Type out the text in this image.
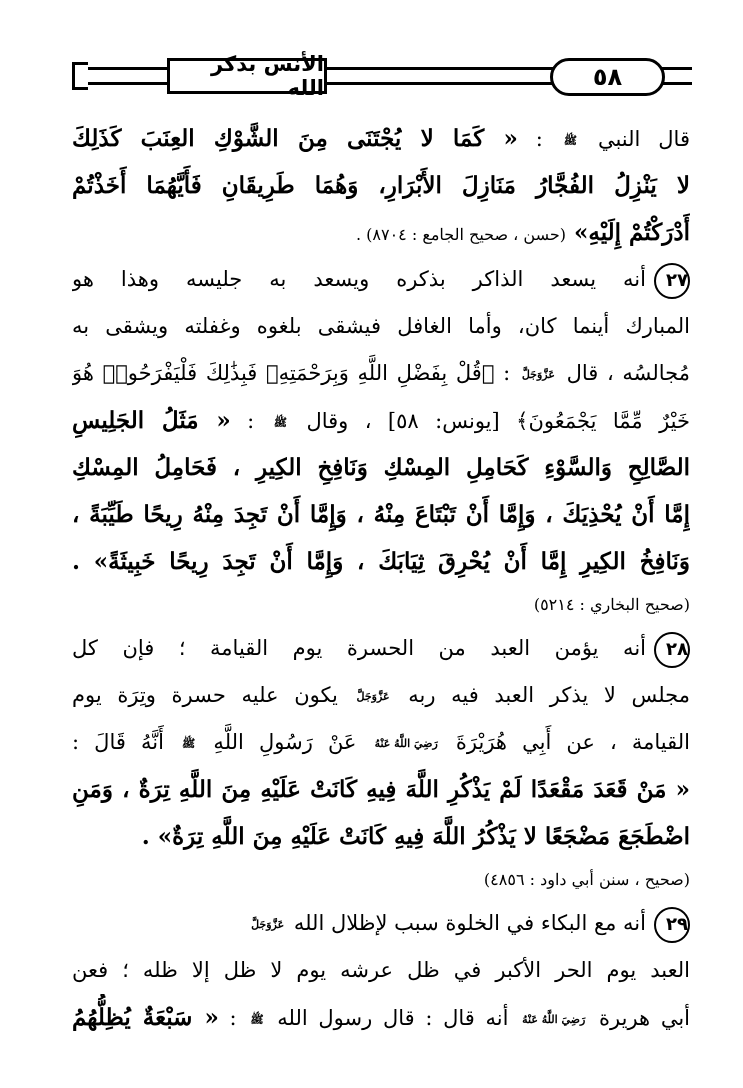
الأنس بذكر الله	٥٨
قال النبي ﷺ : « كَمَا لا يُجْتَنَى مِنَ الشَّوْكِ العِنَبَ كَذَلِكَ
لا يَنْزِلُ الفُجَّارُ مَنَازِلَ الأَبْرَارِ، وَهُمَا طَرِيقَانِ فَأَيَّهُمَا أَخَذْتُمْ
أَدْرَكْتُمْ إِلَيْهِ» (حسن ، صحيح الجامع : ٨٧٠٤) .
٢٧أنه يسعد الذاكر بذكره ويسعد به جليسه وهذا هو
المبارك أينما كان، وأما الغافل فيشقى بلغوه وغفلته ويشقى به
مُجالسُه ، قال عَزَّوَجَلَّ : ﴿قُلْ بِفَضْلِ اللَّهِ وَبِرَحْمَتِهِۦ فَبِذَٰلِكَ فَلْيَفْرَحُوا۟ هُوَ
خَيْرٌ مِّمَّا يَجْمَعُونَ﴾ [يونس: ٥٨] ، وقال ﷺ : « مَثَلُ الجَلِيسِ
الصَّالِحِ وَالسَّوْءِ كَحَامِلِ المِسْكِ وَنَافِخِ الكِيرِ ، فَحَامِلُ المِسْكِ
إِمَّا أَنْ يُحْذِيَكَ ، وَإِمَّا أَنْ تَبْتَاعَ مِنْهُ ، وَإِمَّا أَنْ تَجِدَ مِنْهُ رِيحًا طَيِّبَةً ،
وَنَافِخُ الكِيرِ إِمَّا أَنْ يُحْرِقَ ثِيَابَكَ ، وَإِمَّا أَنْ تَجِدَ رِيحًا خَبِيثَةً» .
(صحيح البخاري : ٥٢١٤)
٢٨أنه يؤمن العبد من الحسرة يوم القيامة ؛ فإن كل
مجلس لا يذكر العبد فيه ربه عَزَّوَجَلَّ يكون عليه حسرة وتِرَة يوم
القيامة ، عن أَبِي هُرَيْرَةَ رَضِيَ اللَّهُ عَنْهُ عَنْ رَسُولِ اللَّهِ ﷺ أَنَّهُ قَالَ :
« مَنْ قَعَدَ مَقْعَدًا لَمْ يَذْكُرِ اللَّهَ فِيهِ كَانَتْ عَلَيْهِ مِنَ اللَّهِ تِرَةٌ ، وَمَنِ
اضْطَجَعَ مَضْجَعًا لا يَذْكُرُ اللَّهَ فِيهِ كَانَتْ عَلَيْهِ مِنَ اللَّهِ تِرَةٌ» .
(صحيح ، سنن أبي داود : ٤٨٥٦)
٢٩أنه مع البكاء في الخلوة سبب لإظلال الله عَزَّوَجَلَّ
العبد يوم الحر الأكبر في ظل عرشه يوم لا ظل إلا ظله ؛ فعن
أبي هريرة رَضِيَ اللَّهُ عَنْهُ أنه قال : قال رسول الله ﷺ : « سَبْعَةٌ يُظِلُّهُمُ
